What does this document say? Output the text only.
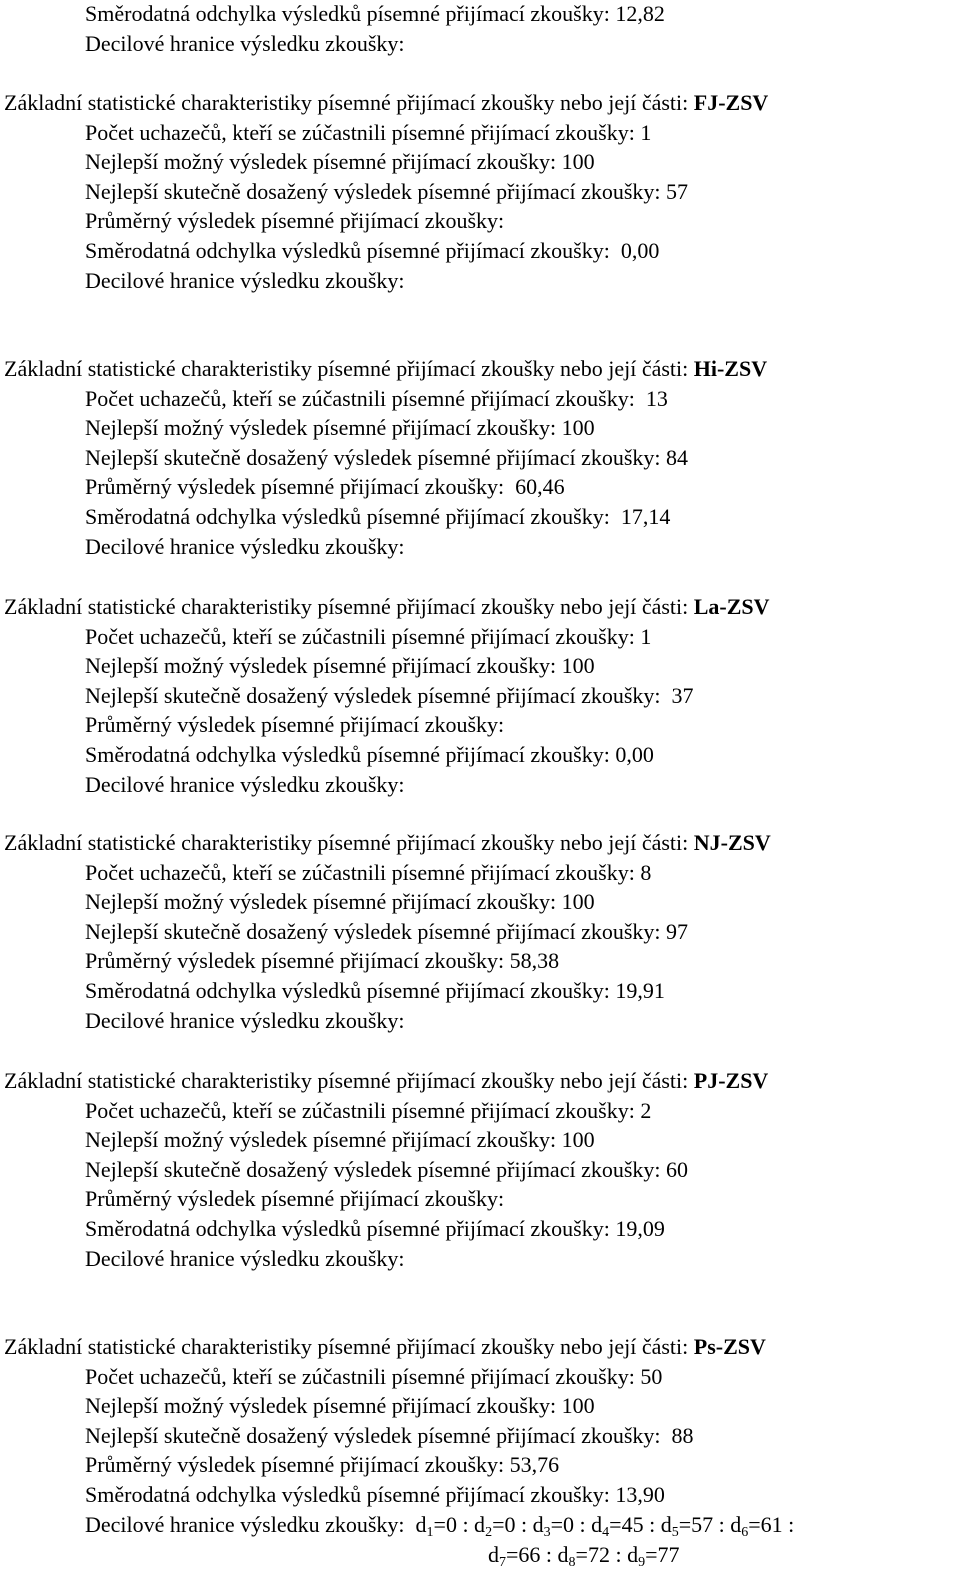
Směrodatná odchylka výsledků písemné přijímací zkoušky: 12,82
Decilové hranice výsledku zkoušky:
Základní statistické charakteristiky písemné přijímací zkoušky nebo její části: FJ-ZSV
Počet uchazečů, kteří se zúčastnili písemné přijímací zkoušky: 1
Nejlepší možný výsledek písemné přijímací zkoušky: 100
Nejlepší skutečně dosažený výsledek písemné přijímací zkoušky: 57
Průměrný výsledek písemné přijímací zkoušky:
Směrodatná odchylka výsledků písemné přijímací zkoušky: 0,00
Decilové hranice výsledku zkoušky:
Základní statistické charakteristiky písemné přijímací zkoušky nebo její části: Hi-ZSV
Počet uchazečů, kteří se zúčastnili písemné přijímací zkoušky: 13
Nejlepší možný výsledek písemné přijímací zkoušky: 100
Nejlepší skutečně dosažený výsledek písemné přijímací zkoušky: 84
Průměrný výsledek písemné přijímací zkoušky: 60,46
Směrodatná odchylka výsledků písemné přijímací zkoušky: 17,14
Decilové hranice výsledku zkoušky:
Základní statistické charakteristiky písemné přijímací zkoušky nebo její části: La-ZSV
Počet uchazečů, kteří se zúčastnili písemné přijímací zkoušky: 1
Nejlepší možný výsledek písemné přijímací zkoušky: 100
Nejlepší skutečně dosažený výsledek písemné přijímací zkoušky: 37
Průměrný výsledek písemné přijímací zkoušky:
Směrodatná odchylka výsledků písemné přijímací zkoušky: 0,00
Decilové hranice výsledku zkoušky:
Základní statistické charakteristiky písemné přijímací zkoušky nebo její části: NJ-ZSV
Počet uchazečů, kteří se zúčastnili písemné přijímací zkoušky: 8
Nejlepší možný výsledek písemné přijímací zkoušky: 100
Nejlepší skutečně dosažený výsledek písemné přijímací zkoušky: 97
Průměrný výsledek písemné přijímací zkoušky: 58,38
Směrodatná odchylka výsledků písemné přijímací zkoušky: 19,91
Decilové hranice výsledku zkoušky:
Základní statistické charakteristiky písemné přijímací zkoušky nebo její části: PJ-ZSV
Počet uchazečů, kteří se zúčastnili písemné přijímací zkoušky: 2
Nejlepší možný výsledek písemné přijímací zkoušky: 100
Nejlepší skutečně dosažený výsledek písemné přijímací zkoušky: 60
Průměrný výsledek písemné přijímací zkoušky:
Směrodatná odchylka výsledků písemné přijímací zkoušky: 19,09
Decilové hranice výsledku zkoušky:
Základní statistické charakteristiky písemné přijímací zkoušky nebo její části: Ps-ZSV
Počet uchazečů, kteří se zúčastnili písemné přijímací zkoušky: 50
Nejlepší možný výsledek písemné přijímací zkoušky: 100
Nejlepší skutečně dosažený výsledek písemné přijímací zkoušky: 88
Průměrný výsledek písemné přijímací zkoušky: 53,76
Směrodatná odchylka výsledků písemné přijímací zkoušky: 13,90
Decilové hranice výsledku zkoušky:  $d_1=0$ : $d_2=0$ : $d_3=0$ : $d_4=45$ : $d_5=57$ : $d_6=61$ :
$d_7=66$ : $d_8=72$ : $d_9=77$
